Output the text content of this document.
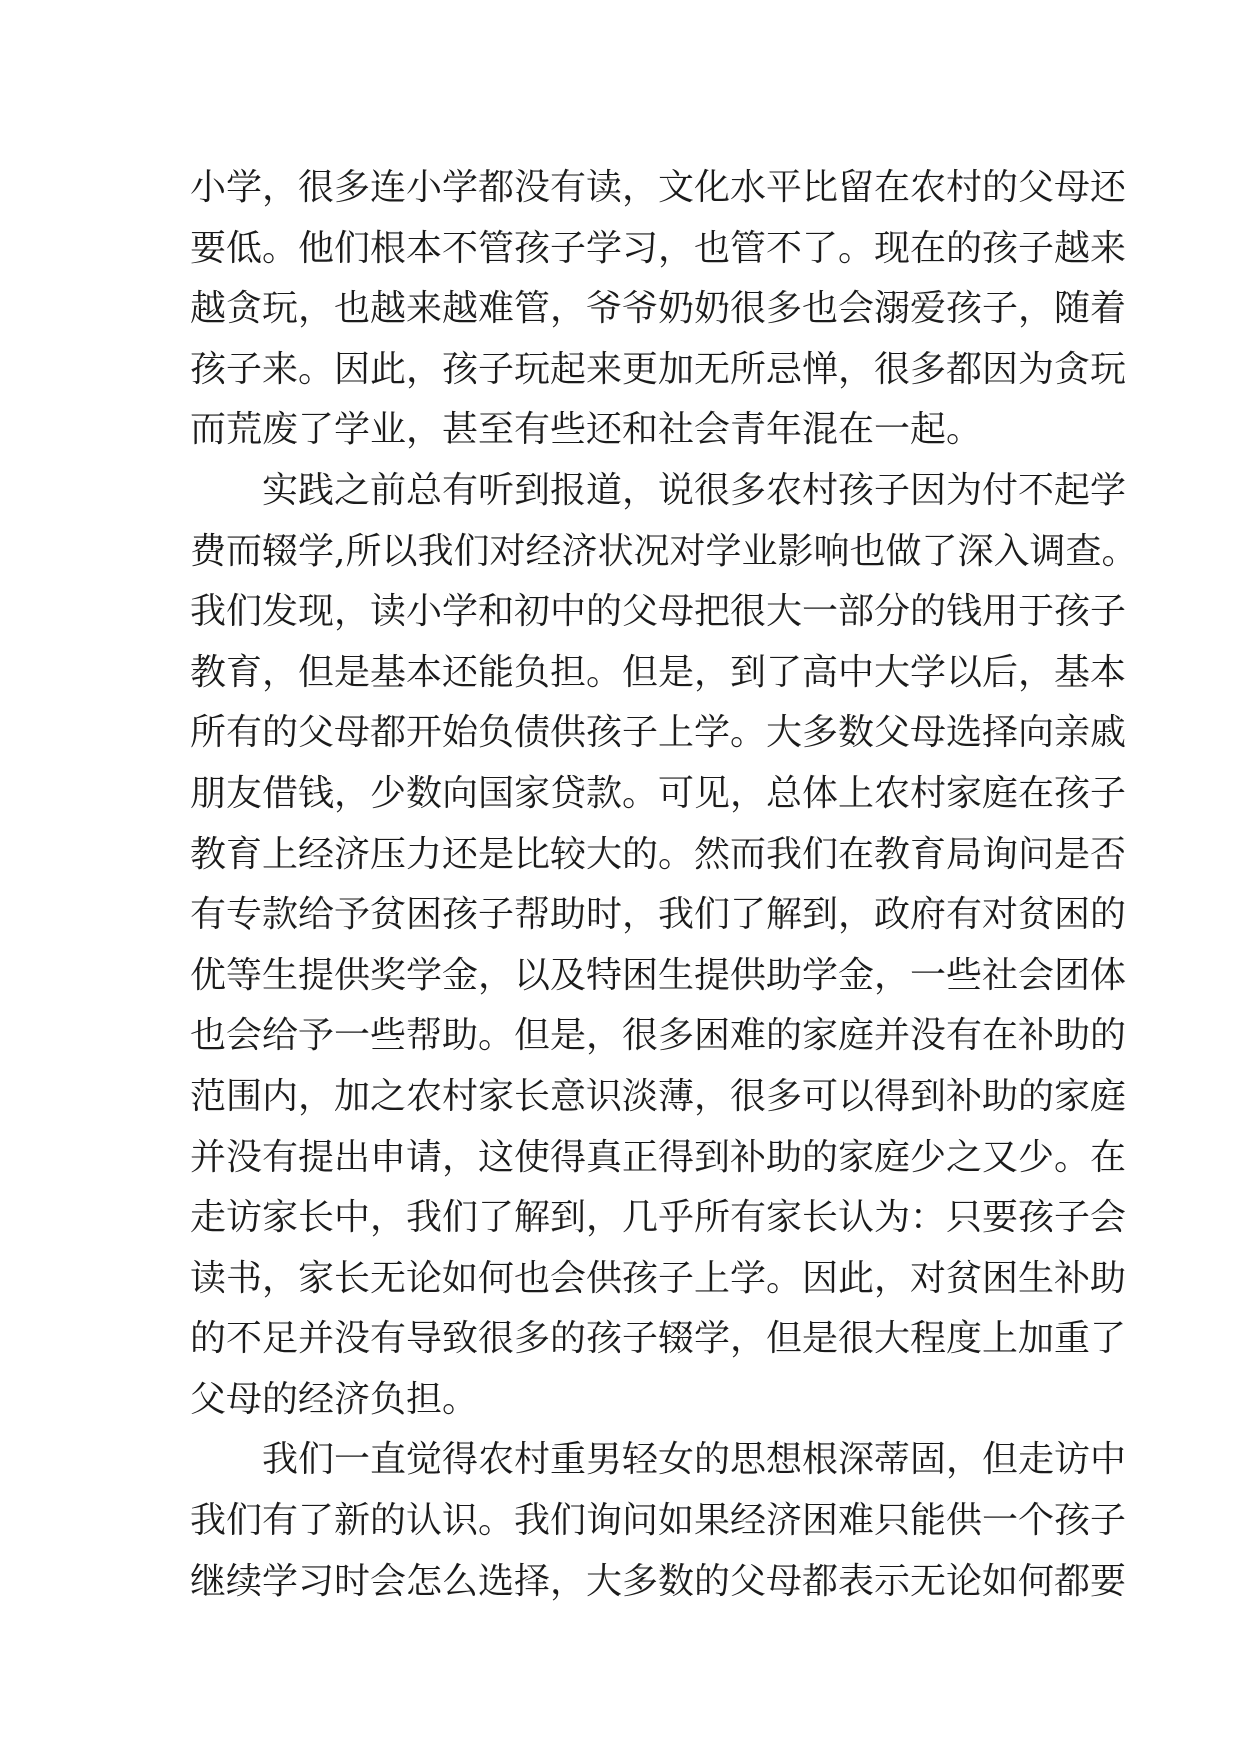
小学，很多连小学都没有读，文化水平比留在农村的父母还
要低。他们根本不管孩子学习，也管不了。现在的孩子越来
越贪玩，也越来越难管，爷爷奶奶很多也会溺爱孩子，随着
孩子来。因此，孩子玩起来更加无所忌惮，很多都因为贪玩
而荒废了学业，甚至有些还和社会青年混在一起。
　　实践之前总有听到报道，说很多农村孩子因为付不起学
费而辍学,所以我们对经济状况对学业影响也做了深入调查。
我们发现，读小学和初中的父母把很大一部分的钱用于孩子
教育，但是基本还能负担。但是，到了高中大学以后，基本
所有的父母都开始负债供孩子上学。大多数父母选择向亲戚
朋友借钱，少数向国家贷款。可见，总体上农村家庭在孩子
教育上经济压力还是比较大的。然而我们在教育局询问是否
有专款给予贫困孩子帮助时，我们了解到，政府有对贫困的
优等生提供奖学金，以及特困生提供助学金，一些社会团体
也会给予一些帮助。但是，很多困难的家庭并没有在补助的
范围内，加之农村家长意识淡薄，很多可以得到补助的家庭
并没有提出申请，这使得真正得到补助的家庭少之又少。在
走访家长中，我们了解到，几乎所有家长认为：只要孩子会
读书，家长无论如何也会供孩子上学。因此，对贫困生补助
的不足并没有导致很多的孩子辍学，但是很大程度上加重了
父母的经济负担。
　　我们一直觉得农村重男轻女的思想根深蒂固，但走访中
我们有了新的认识。我们询问如果经济困难只能供一个孩子
继续学习时会怎么选择，大多数的父母都表示无论如何都要
